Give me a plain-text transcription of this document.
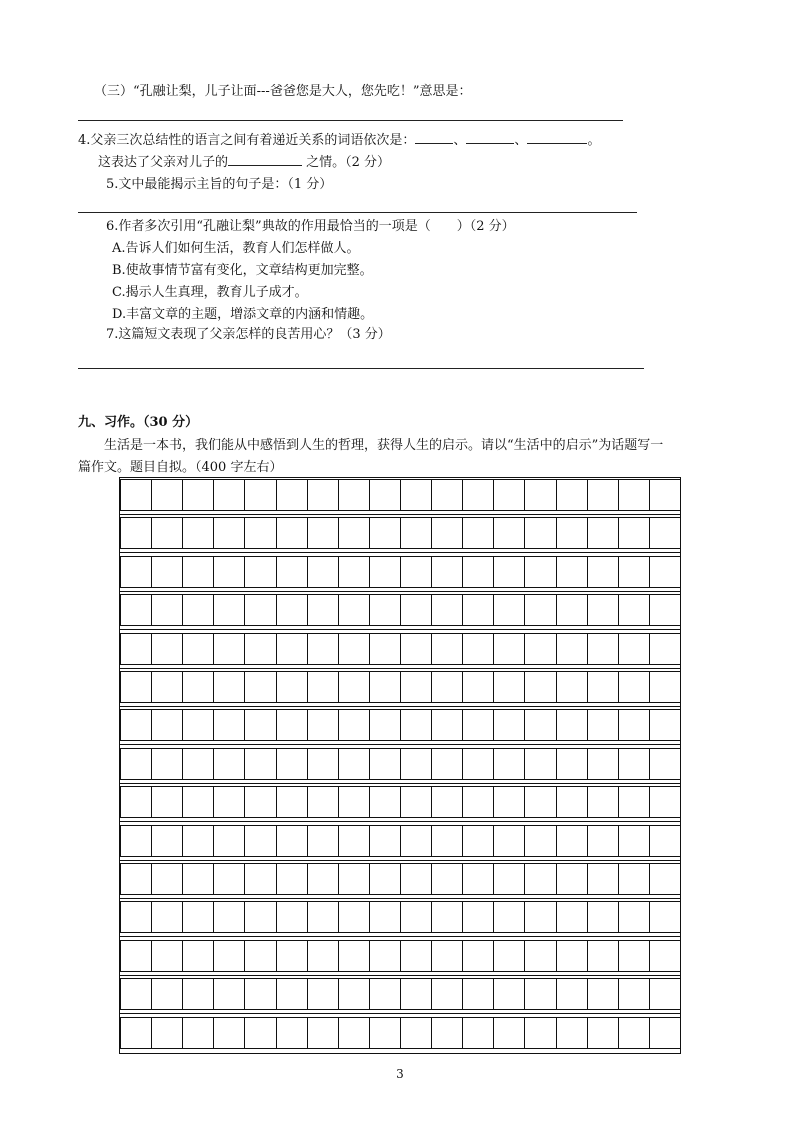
（三）“孔融让梨，儿子让面---爸爸您是大人，您先吃！”意思是：
4.父亲三次总结性的语言之间有着递近关系的词语依次是：	、	、	。
这表达了父亲对儿子的	之情。（2 分）
5.文中最能揭示主旨的句子是：（1 分）
6.作者多次引用“孔融让梨”典故的作用最恰当的一项是（　　）（2 分）
A.告诉人们如何生活，教育人们怎样做人。
B.使故事情节富有变化，文章结构更加完整。
C.揭示人生真理，教育儿子成才。
D.丰富文章的主题，增添文章的内涵和情趣。
7.这篇短文表现了父亲怎样的良苦用心？（3 分）
九、习作。（30 分）
生活是一本书，我们能从中感悟到人生的哲理，获得人生的启示。请以“生活中的启示”为话题写一
篇作文。题目自拟。（400 字左右）
3
